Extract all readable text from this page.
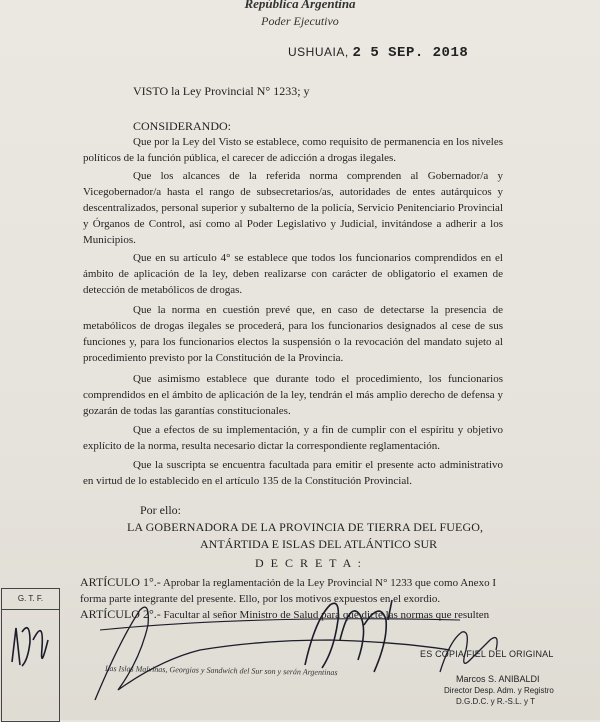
República Argentina
Poder Ejecutivo
USHUAIA, 2 5 SEP. 2018
VISTO la Ley Provincial N° 1233; y
CONSIDERANDO:

Que por la Ley del Visto se establece, como requisito de permanencia en los niveles políticos de la función pública, el carecer de adicción a drogas ilegales.

Que los alcances de la referida norma comprenden al Gobernador/a y Vicegobernador/a hasta el rango de subsecretarios/as, autoridades de entes autárquicos y descentralizados, personal superior y subalterno de la policía, Servicio Penitenciario Provincial y Órganos de Control, así como al Poder Legislativo y Judicial, invitándose a adherir a los Municipios.

Que en su artículo 4° se establece que todos los funcionarios comprendidos en el ámbito de aplicación de la ley, deben realizarse con carácter de obligatorio el examen de detección de metabólicos de drogas.

Que la norma en cuestión prevé que, en caso de detectarse la presencia de metabólicos de drogas ilegales se procederá, para los funcionarios designados al cese de sus funciones y, para los funcionarios electos la suspensión o la revocación del mandato sujeto al procedimiento previsto por la Constitución de la Provincia.

Que asimismo establece que durante todo el procedimiento, los funcionarios comprendidos en el ámbito de aplicación de la ley, tendrán el más amplio derecho de defensa y gozarán de todas las garantías constitucionales.

Que a efectos de su implementación, y a fin de cumplir con el espíritu y objetivo explícito de la norma, resulta necesario dictar la correspondiente reglamentación.

Que la suscripta se encuentra facultada para emitir el presente acto administrativo en virtud de lo establecido en el artículo 135 de la Constitución Provincial.

Por ello:
LA GOBERNADORA DE LA PROVINCIA DE TIERRA DEL FUEGO,
ANTÁRTIDA E ISLAS DEL ATLÁNTICO SUR
D E C R E T A :

ARTÍCULO 1°.- Aprobar la reglamentación de la Ley Provincial N° 1233 que como Anexo I forma parte integrante del presente. Ello, por los motivos expuestos en el exordio.

ARTÍCULO 2°.- Facultar al señor Ministro de Salud para que dicte las normas que resulten

G. T. F.
Las Islas Malvinas, Georgias y Sandwich del Sur son y serán Argentinas
ES COPIA FIEL DEL ORIGINAL
Marcos S. ANIBALDI
Director Desp. Adm. y Registro
D.G.D.C. y R.-S.L. y T
